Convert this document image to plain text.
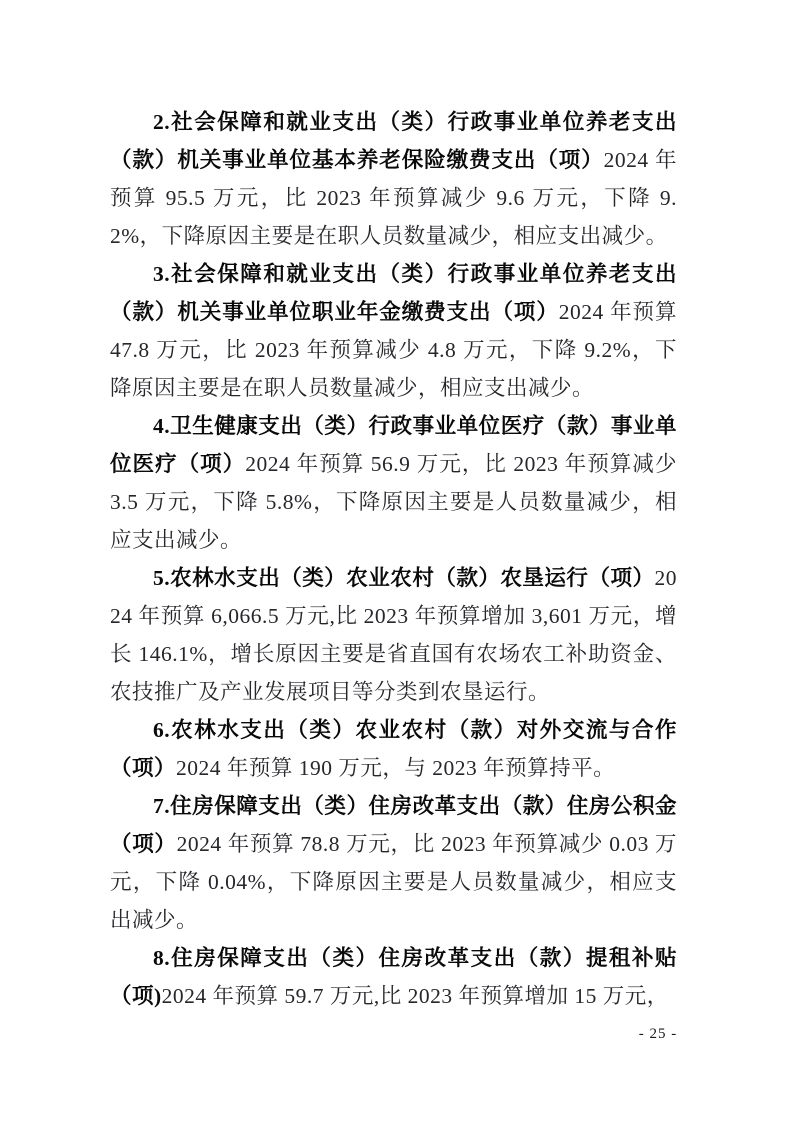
2.社会保障和就业支出（类）行政事业单位养老支出（款）机关事业单位基本养老保险缴费支出（项）2024 年预算 95.5 万元，比 2023 年预算减少 9.6 万元，下降 9.2%，下降原因主要是在职人员数量减少，相应支出减少。

3.社会保障和就业支出（类）行政事业单位养老支出（款）机关事业单位职业年金缴费支出（项）2024 年预算 47.8 万元，比 2023 年预算减少 4.8 万元，下降 9.2%，下降原因主要是在职人员数量减少，相应支出减少。

4.卫生健康支出（类）行政事业单位医疗（款）事业单位医疗（项）2024 年预算 56.9 万元，比 2023 年预算减少 3.5 万元，下降 5.8%，下降原因主要是人员数量减少，相应支出减少。

5.农林水支出（类）农业农村（款）农垦运行（项）2024 年预算 6,066.5 万元,比 2023 年预算增加 3,601 万元，增长 146.1%，增长原因主要是省直国有农场农工补助资金、农技推广及产业发展项目等分类到农垦运行。

6.农林水支出（类）农业农村（款）对外交流与合作（项）2024 年预算 190 万元，与 2023 年预算持平。

7.住房保障支出（类）住房改革支出（款）住房公积金（项）2024 年预算 78.8 万元，比 2023 年预算减少 0.03 万元，下降 0.04%，下降原因主要是人员数量减少，相应支出减少。

8.住房保障支出（类）住房改革支出（款）提租补贴（项)2024 年预算 59.7 万元,比 2023 年预算增加 15 万元，

- 25 -
